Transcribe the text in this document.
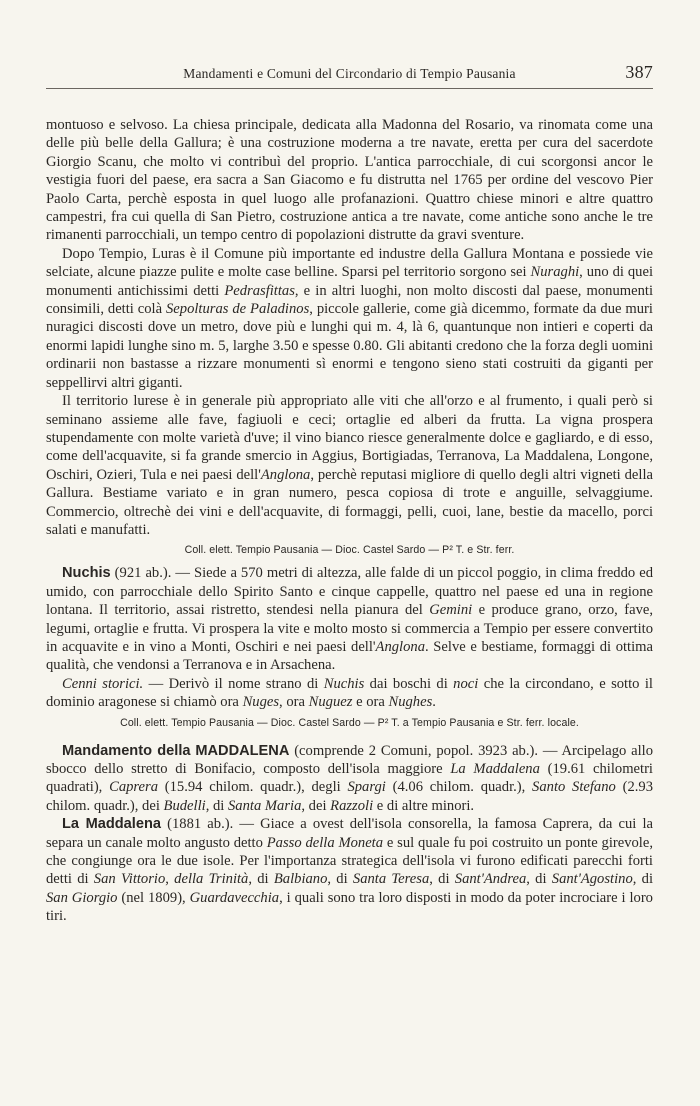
Mandamenti e Comuni del Circondario di Tempio Pausania	387

montuoso e selvoso. La chiesa principale, dedicata alla Madonna del Rosario, va rinomata come una delle più belle della Gallura; è una costruzione moderna a tre navate, eretta per cura del sacerdote Giorgio Scanu, che molto vi contribuì del proprio. L'antica parrocchiale, di cui scorgonsi ancor le vestigia fuori del paese, era sacra a San Giacomo e fu distrutta nel 1765 per ordine del vescovo Pier Paolo Carta, perchè esposta in quel luogo alle profanazioni. Quattro chiese minori e altre quattro campestri, fra cui quella di San Pietro, costruzione antica a tre navate, come antiche sono anche le tre rimanenti parrocchiali, un tempo centro di popolazioni distrutte da gravi sventure.

Dopo Tempio, Luras è il Comune più importante ed industre della Gallura Montana e possiede vie selciate, alcune piazze pulite e molte case belline. Sparsi pel territorio sorgono sei Nuraghi, uno di quei monumenti antichissimi detti Pedrasfittas, e in altri luoghi, non molto discosti dal paese, monumenti consimili, detti colà Sepolturas de Paladinos, piccole gallerie, come già dicemmo, formate da due muri nuragici discosti dove un metro, dove più e lunghi qui m. 4, là 6, quantunque non intieri e coperti da enormi lapidi lunghe sino m. 5, larghe 3.50 e spesse 0.80. Gli abitanti credono che la forza degli uomini ordinarii non bastasse a rizzare monumenti sì enormi e tengono sieno stati costruiti da giganti per seppellirvi altri giganti.

Il territorio lurese è in generale più appropriato alle viti che all'orzo e al frumento, i quali però si seminano assieme alle fave, fagiuoli e ceci; ortaglie ed alberi da frutta. La vigna prospera stupendamente con molte varietà d'uve; il vino bianco riesce generalmente dolce e gagliardo, e di esso, come dell'acquavite, si fa grande smercio in Aggius, Bortigiadas, Terranova, La Maddalena, Longone, Oschiri, Ozieri, Tula e nei paesi dell'Anglona, perchè reputasi migliore di quello degli altri vigneti della Gallura. Bestiame variato e in gran numero, pesca copiosa di trote e anguille, selvaggiume. Commercio, oltrechè dei vini e dell'acquavite, di formaggi, pelli, cuoi, lane, bestie da macello, porci salati e manufatti.

Coll. elett. Tempio Pausania — Dioc. Castel Sardo — P² T. e Str. ferr.

Nuchis (921 ab.). — Siede a 570 metri di altezza, alle falde di un piccol poggio, in clima freddo ed umido, con parrocchiale dello Spirito Santo e cinque cappelle, quattro nel paese ed una in regione lontana. Il territorio, assai ristretto, stendesi nella pianura del Gemini e produce grano, orzo, fave, legumi, ortaglie e frutta. Vi prospera la vite e molto mosto si commercia a Tempio per essere convertito in acquavite e in vino a Monti, Oschiri e nei paesi dell'Anglona. Selve e bestiame, formaggi di ottima qualità, che vendonsi a Terranova e in Arsachena.

Cenni storici. — Derivò il nome strano di Nuchis dai boschi di noci che la circondano, e sotto il dominio aragonese si chiamò ora Nuges, ora Nuguez e ora Nughes.

Coll. elett. Tempio Pausania — Dioc. Castel Sardo — P² T. a Tempio Pausania e Str. ferr. locale.

Mandamento della MADDALENA (comprende 2 Comuni, popol. 3923 ab.). — Arcipelago allo sbocco dello stretto di Bonifacio, composto dell'isola maggiore La Maddalena (19.61 chilometri quadrati), Caprera (15.94 chilom. quadr.), degli Spargi (4.06 chilom. quadr.), Santo Stefano (2.93 chilom. quadr.), dei Budelli, di Santa Maria, dei Razzoli e di altre minori.

La Maddalena (1881 ab.). — Giace a ovest dell'isola consorella, la famosa Caprera, da cui la separa un canale molto angusto detto Passo della Moneta e sul quale fu poi costruito un ponte girevole, che congiunge ora le due isole. Per l'importanza strategica dell'isola vi furono edificati parecchi forti detti di San Vittorio, della Trinità, di Balbiano, di Santa Teresa, di Sant'Andrea, di Sant'Agostino, di San Giorgio (nel 1809), Guardavecchia, i quali sono tra loro disposti in modo da poter incrociare i loro tiri.
